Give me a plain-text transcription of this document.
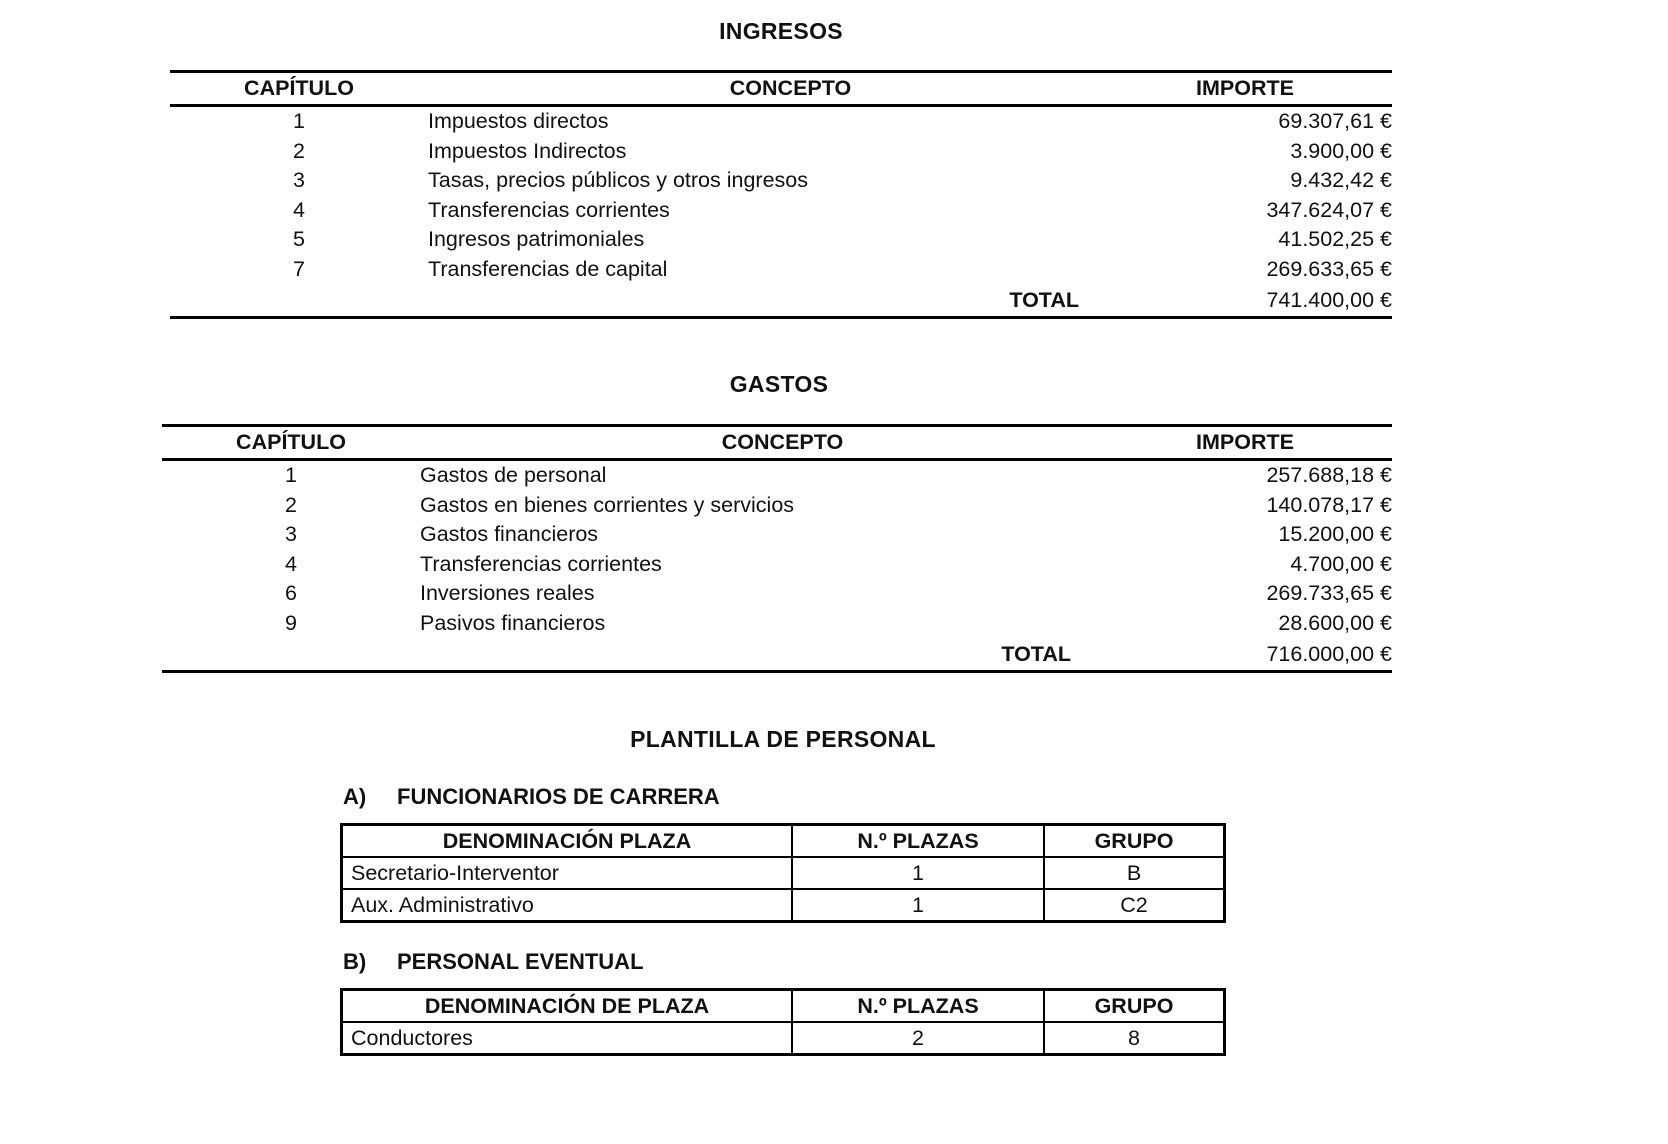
INGRESOS
CAPÍTULO	CONCEPTO	IMPORTE
1	Impuestos directos	69.307,61 €
2	Impuestos Indirectos	3.900,00 €
3	Tasas, precios públicos y otros ingresos	9.432,42 €
4	Transferencias corrientes	347.624,07 €
5	Ingresos patrimoniales	41.502,25 €
7	Transferencias de capital	269.633,65 €
	TOTAL	741.400,00 €
GASTOS
CAPÍTULO	CONCEPTO	IMPORTE
1	Gastos de personal	257.688,18 €
2	Gastos en bienes corrientes y servicios	140.078,17 €
3	Gastos financieros	15.200,00 €
4	Transferencias corrientes	4.700,00 €
6	Inversiones reales	269.733,65 €
9	Pasivos financieros	28.600,00 €
	TOTAL	716.000,00 €
PLANTILLA DE PERSONAL
A) FUNCIONARIOS DE CARRERA
DENOMINACIÓN PLAZA	N.º PLAZAS	GRUPO
Secretario-Interventor	1	B
Aux. Administrativo	1	C2
B) PERSONAL EVENTUAL
DENOMINACIÓN DE PLAZA	N.º PLAZAS	GRUPO
Conductores	2	8
